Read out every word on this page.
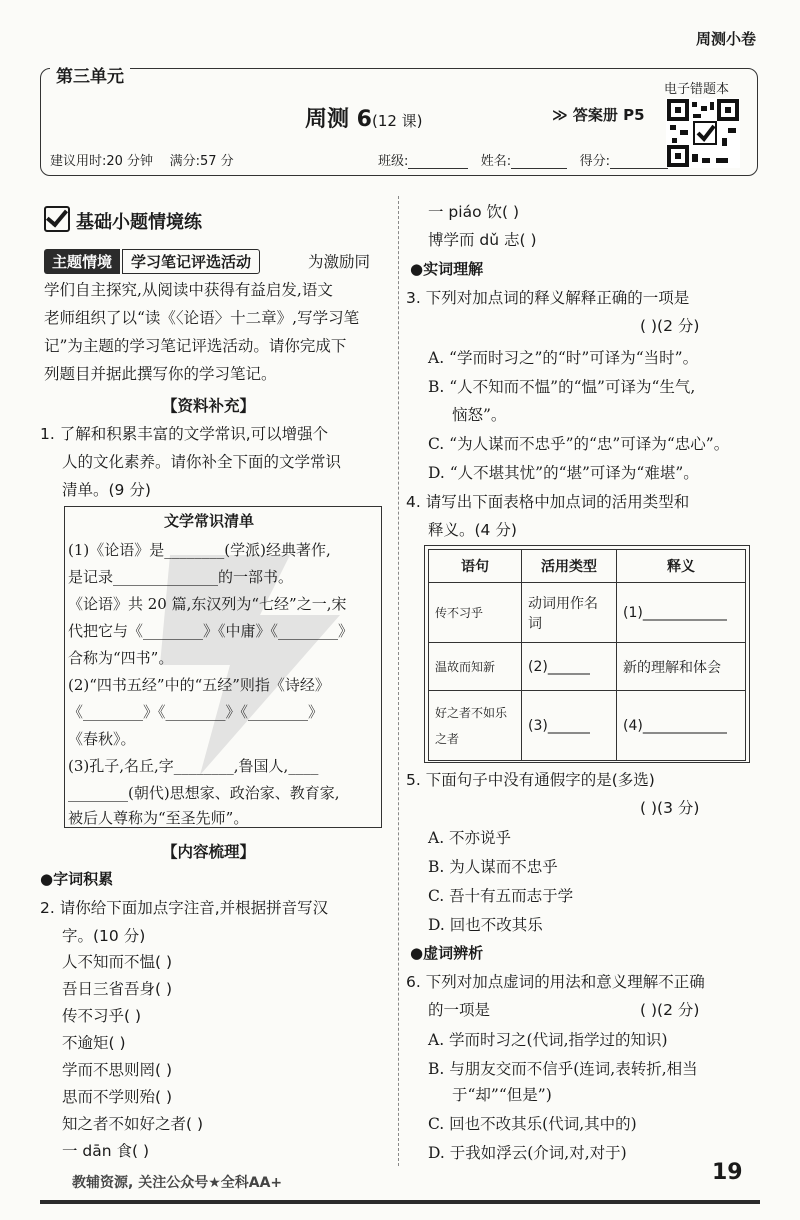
周测小卷
第三单元
周测 6(12 课)	≫ 答案册 P5
电子错题本
建议用时:20 分钟 满分:57 分	班级:	姓名:	得分:
基础小题情境练
主题情境	学习笔记评选活动	为激励同
学们自主探究,从阅读中获得有益启发,语文
老师组织了以“读《〈论语〉十二章》,写学习笔
记”为主题的学习笔记评选活动。请你完成下
列题目并据此撰写你的学习笔记。
【资料补充】
1. 了解和积累丰富的文学常识,可以增强个
人的文化素养。请你补全下面的文学常识
清单。(9 分)
文学常识清单
(1)《论语》是________(学派)经典著作,
是记录______________的一部书。
《论语》共 20 篇,东汉列为“七经”之一,宋
代把它与《________》《中庸》《________》
合称为“四书”。
(2)“四书五经”中的“五经”则指《诗经》
《________》《________》《________》
《春秋》。
(3)孔子,名丘,字________,鲁国人,____
________(朝代)思想家、政治家、教育家,
被后人尊称为“至圣先师”。
【内容梳理】
●字词积累
2. 请你给下面加点字注音,并根据拼音写汉
字。(10 分)
人不知而不愠( )
吾日三省吾身( )
传不习乎( )
不逾矩( )
学而不思则罔( )
思而不学则殆( )
知之者不如好之者( )
一 dān 食( )
一 piáo 饮( )
博学而 dǔ 志( )
●实词理解
3. 下列对加点词的释义解释正确的一项是
( )(2 分)
A. “学而时习之”的“时”可译为“当时”。
B. “人不知而不愠”的“愠”可译为“生气,
恼怒”。
C. “为人谋而不忠乎”的“忠”可译为“忠心”。
D. “人不堪其忧”的“堪”可译为“难堪”。
4. 请写出下面表格中加点词的活用类型和
释义。(4 分)
语句	活用类型	释义
传不习乎	动词用作名词	(1)____________
温故而知新	(2)______	新的理解和体会
好之者不如乐之者	(3)______	(4)____________
5. 下面句子中没有通假字的是(多选)
( )(3 分)
A. 不亦说乎
B. 为人谋而不忠乎
C. 吾十有五而志于学
D. 回也不改其乐
●虚词辨析
6. 下列对加点虚词的用法和意义理解不正确
的一项是	( )(2 分)
A. 学而时习之(代词,指学过的知识)
B. 与朋友交而不信乎(连词,表转折,相当
于“却”“但是”)
C. 回也不改其乐(代词,其中的)
D. 于我如浮云(介词,对,对于)
教辅资源, 关注公众号★全科AA+	19
